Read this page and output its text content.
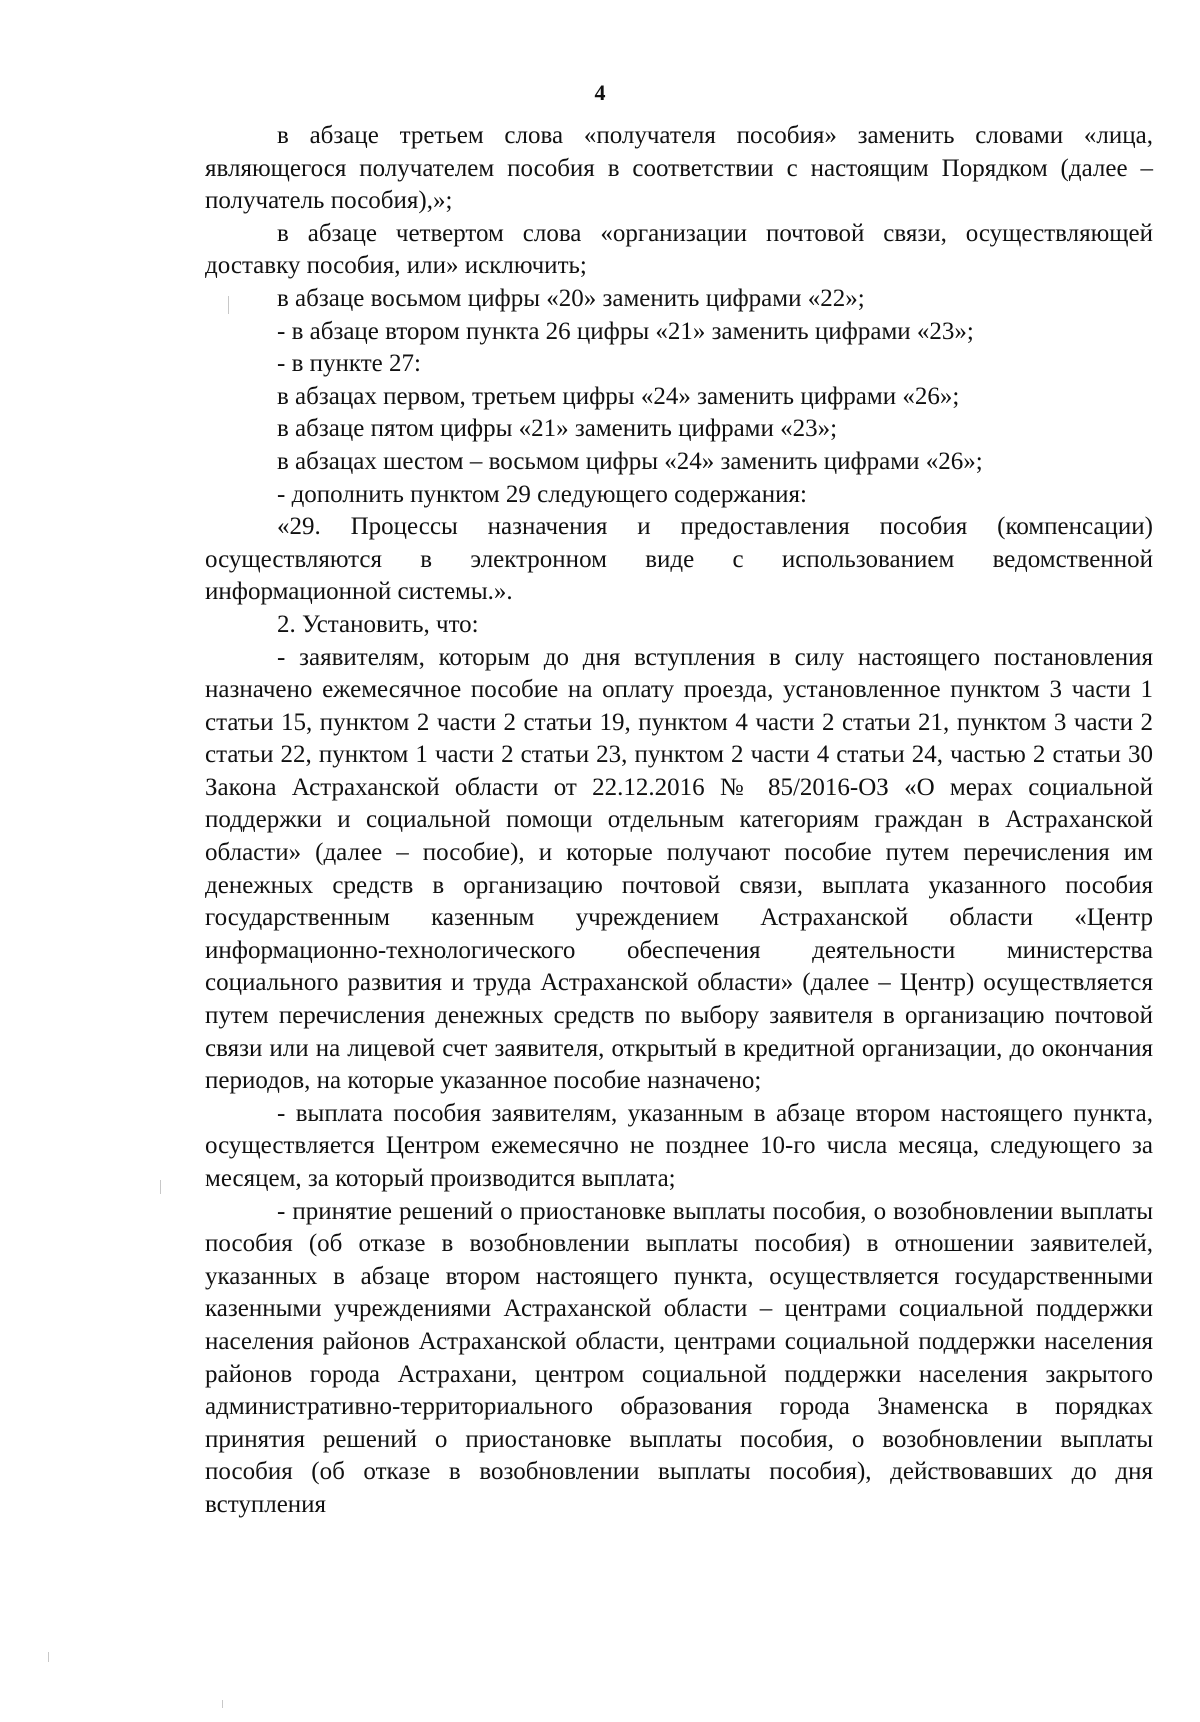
4

в абзаце третьем слова «получателя пособия» заменить словами «лица, являющегося получателем пособия в соответствии с настоящим Порядком (далее – получатель пособия),»;

в абзаце четвертом слова «организации почтовой связи, осуществляющей доставку пособия, или» исключить;

в абзаце восьмом цифры «20» заменить цифрами «22»;

- в абзаце втором пункта 26 цифры «21» заменить цифрами «23»;

- в пункте 27:

в абзацах первом, третьем цифры «24» заменить цифрами «26»;

в абзаце пятом цифры «21» заменить цифрами «23»;

в абзацах шестом – восьмом цифры «24» заменить цифрами «26»;

- дополнить пунктом 29 следующего содержания:

«29. Процессы назначения и предоставления пособия (компенсации) осуществляются в электронном виде с использованием ведомственной информационной системы.».

2. Установить, что:

- заявителям, которым до дня вступления в силу настоящего постановления назначено ежемесячное пособие на оплату проезда, установленное пунктом 3 части 1 статьи 15, пунктом 2 части 2 статьи 19, пунктом 4 части 2 статьи 21, пунктом 3 части 2 статьи 22, пунктом 1 части 2 статьи 23, пунктом 2 части 4 статьи 24, частью 2 статьи 30 Закона Астраханской области от 22.12.2016 № 85/2016-ОЗ «О мерах социальной поддержки и социальной помощи отдельным категориям граждан в Астраханской области» (далее – пособие), и которые получают пособие путем перечисления им денежных средств в организацию почтовой связи, выплата указанного пособия государственным казенным учреждением Астраханской области «Центр информационно-технологического обеспечения деятельности министерства социального развития и труда Астраханской области» (далее – Центр) осуществляется путем перечисления денежных средств по выбору заявителя в организацию почтовой связи или на лицевой счет заявителя, открытый в кредитной организации, до окончания периодов, на которые указанное пособие назначено;

- выплата пособия заявителям, указанным в абзаце втором настоящего пункта, осуществляется Центром ежемесячно не позднее 10-го числа месяца, следующего за месяцем, за который производится выплата;

- принятие решений о приостановке выплаты пособия, о возобновлении выплаты пособия (об отказе в возобновлении выплаты пособия) в отношении заявителей, указанных в абзаце втором настоящего пункта, осуществляется государственными казенными учреждениями Астраханской области – центрами социальной поддержки населения районов Астраханской области, центрами социальной поддержки населения районов города Астрахани, центром социальной поддержки населения закрытого административно-территориального образования города Знаменска в порядках принятия решений о приостановке выплаты пособия, о возобновлении выплаты пособия (об отказе в возобновлении выплаты пособия), действовавших до дня вступления
